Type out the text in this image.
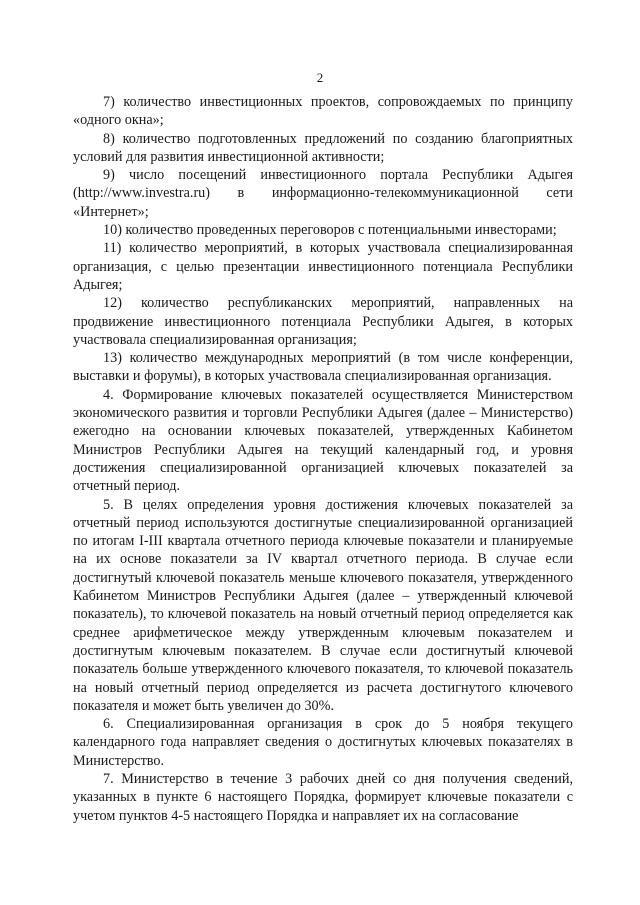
2

7) количество инвестиционных проектов, сопровождаемых по принципу «одного окна»;

8) количество подготовленных предложений по созданию благоприятных условий для развития инвестиционной активности;

9) число посещений инвестиционного портала Республики Адыгея (http://www.investra.ru) в информационно-телекоммуникационной сети «Интернет»;

10) количество проведенных переговоров с потенциальными инвесторами;

11) количество мероприятий, в которых участвовала специализированная организация, с целью презентации инвестиционного потенциала Республики Адыгея;

12) количество республиканских мероприятий, направленных на продвижение инвестиционного потенциала Республики Адыгея, в которых участвовала специализированная организация;

13) количество международных мероприятий (в том числе конференции, выставки и форумы), в которых участвовала специализированная организация.

4. Формирование ключевых показателей осуществляется Министерством экономического развития и торговли Республики Адыгея (далее – Министерство) ежегодно на основании ключевых показателей, утвержденных Кабинетом Министров Республики Адыгея на текущий календарный год, и уровня достижения специализированной организацией ключевых показателей за отчетный период.

5. В целях определения уровня достижения ключевых показателей за отчетный период используются достигнутые специализированной организацией по итогам I-III квартала отчетного периода ключевые показатели и планируемые на их основе показатели за IV квартал отчетного периода. В случае если достигнутый ключевой показатель меньше ключевого показателя, утвержденного Кабинетом Министров Республики Адыгея (далее – утвержденный ключевой показатель), то ключевой показатель на новый отчетный период определяется как среднее арифметическое между утвержденным ключевым показателем и достигнутым ключевым показателем. В случае если достигнутый ключевой показатель больше утвержденного ключевого показателя, то ключевой показатель на новый отчетный период определяется из расчета достигнутого ключевого показателя и может быть увеличен до 30%.

6. Специализированная организация в срок до 5 ноября текущего календарного года направляет сведения о достигнутых ключевых показателях в Министерство.

7. Министерство в течение 3 рабочих дней со дня получения сведений, указанных в пункте 6 настоящего Порядка, формирует ключевые показатели с учетом пунктов 4-5 настоящего Порядка и направляет их на согласование
